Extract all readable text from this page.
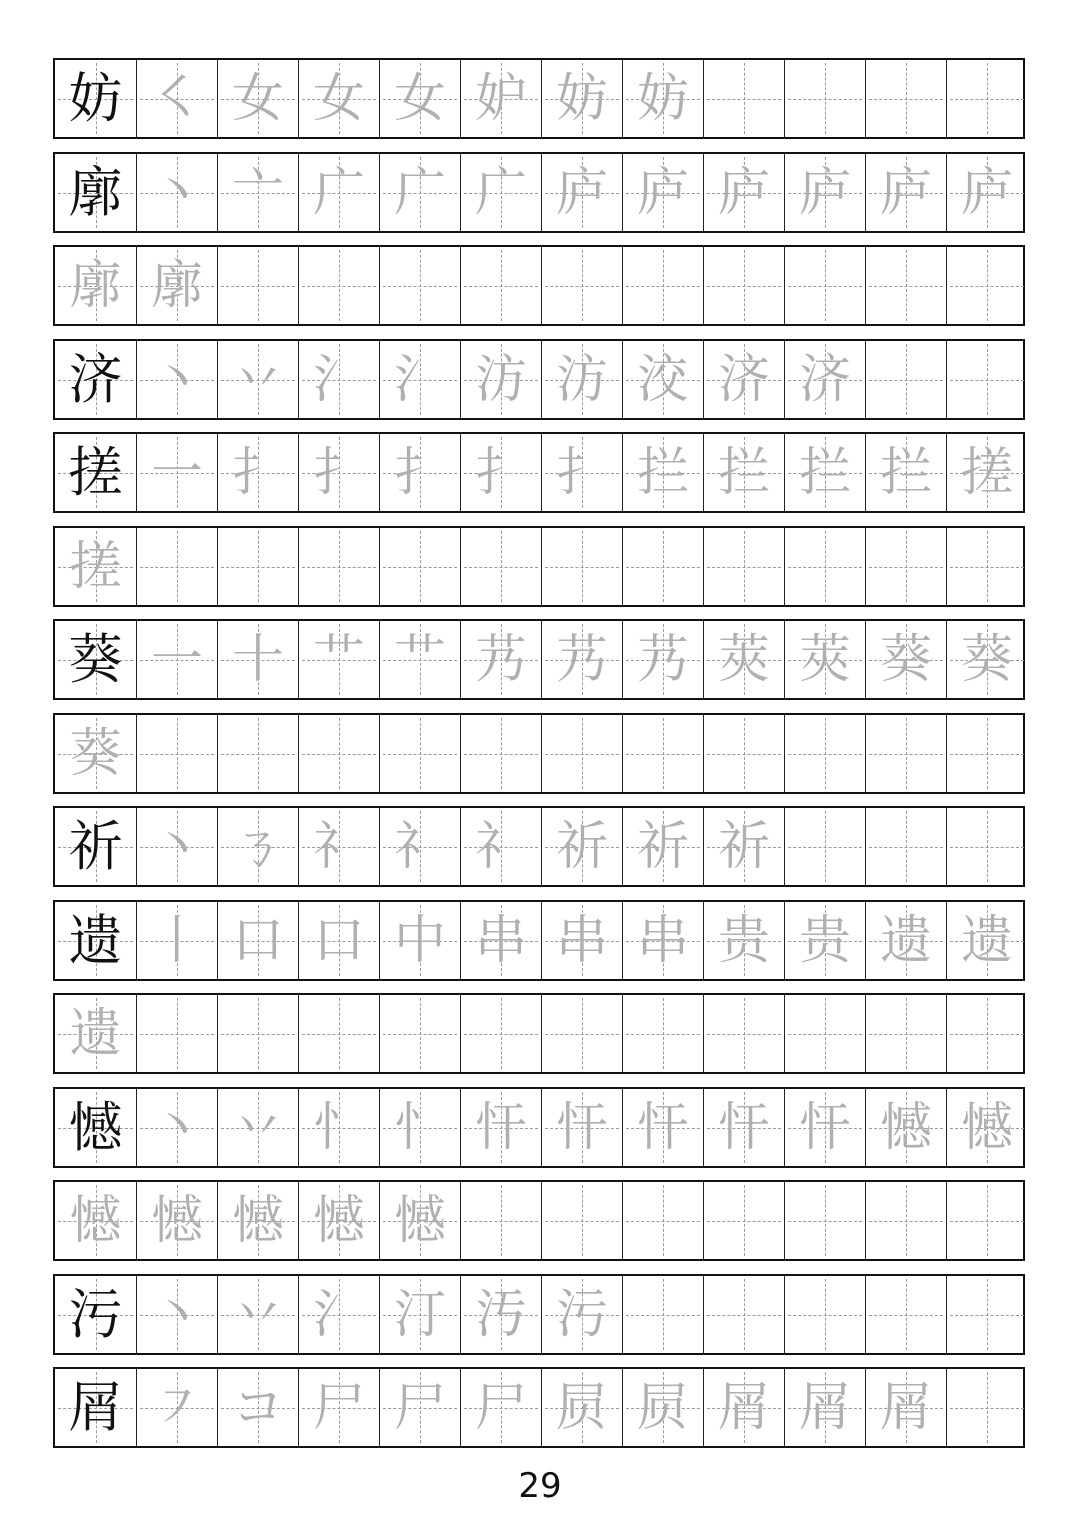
妨 ㇛ 女 女 女 妒 妨 妨
廓 丶 亠 广 广 广 庐 庐 庐 庐 庐 庐
廓 廓
济 丶 丷 氵 氵 汸 汸 洨 济 济
搓 一 扌 扌 扌 扌 扌 拦 拦 拦 拦 搓
搓
葵 一 十 艹 艹 艿 艿 艿 莢 莢 葵 葵
葵
祈 丶 ㄋ 礻 礻 礻 祈 祈 祈
遗 丨 口 口 中 串 串 串 贵 贵 遗 遗
遗
憾 丶 丷 忄 忄 忓 忓 忓 忓 忓 憾 憾
憾 憾 憾 憾 憾
污 丶 丷 氵 汀 汚 污
屑 ㇇ コ 尸 尸 尸 屃 屃 屑 屑 屑
29
